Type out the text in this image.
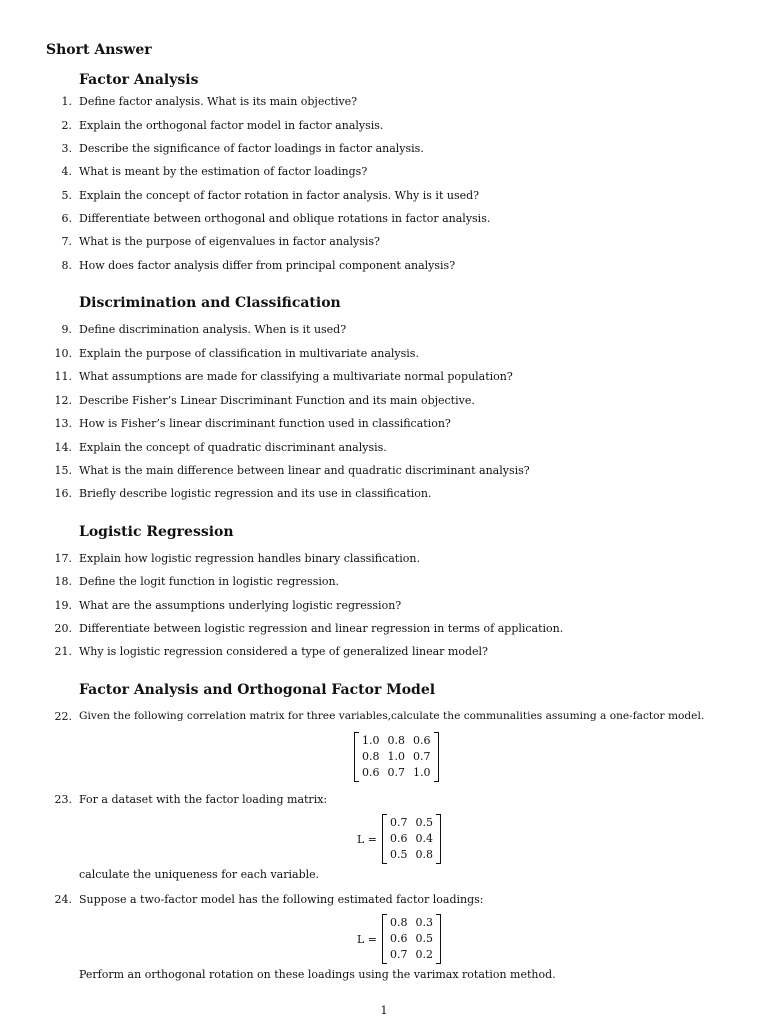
Short Answer
Factor Analysis
1. Define factor analysis. What is its main objective?
2. Explain the orthogonal factor model in factor analysis.
3. Describe the significance of factor loadings in factor analysis.
4. What is meant by the estimation of factor loadings?
5. Explain the concept of factor rotation in factor analysis. Why is it used?
6. Differentiate between orthogonal and oblique rotations in factor analysis.
7. What is the purpose of eigenvalues in factor analysis?
8. How does factor analysis differ from principal component analysis?
Discrimination and Classification
9. Define discrimination analysis. When is it used?
10. Explain the purpose of classification in multivariate analysis.
11. What assumptions are made for classifying a multivariate normal population?
12. Describe Fisher’s Linear Discriminant Function and its main objective.
13. How is Fisher’s linear discriminant function used in classification?
14. Explain the concept of quadratic discriminant analysis.
15. What is the main difference between linear and quadratic discriminant analysis?
16. Briefly describe logistic regression and its use in classification.
Logistic Regression
17. Explain how logistic regression handles binary classification.
18. Define the logit function in logistic regression.
19. What are the assumptions underlying logistic regression?
20. Differentiate between logistic regression and linear regression in terms of application.
21. Why is logistic regression considered a type of generalized linear model?
Factor Analysis and Orthogonal Factor Model
22. Given the following correlation matrix for three variables,calculate the communalities assuming a one-factor model.
1.0	0.8	0.6
0.8	1.0	0.7
0.6	0.7	1.0
23. For a dataset with the factor loading matrix:
L =
0.7	0.5
0.6	0.4
0.5	0.8
calculate the uniqueness for each variable.
24. Suppose a two-factor model has the following estimated factor loadings:
L =
0.8	0.3
0.6	0.5
0.7	0.2
Perform an orthogonal rotation on these loadings using the varimax rotation method.
1
